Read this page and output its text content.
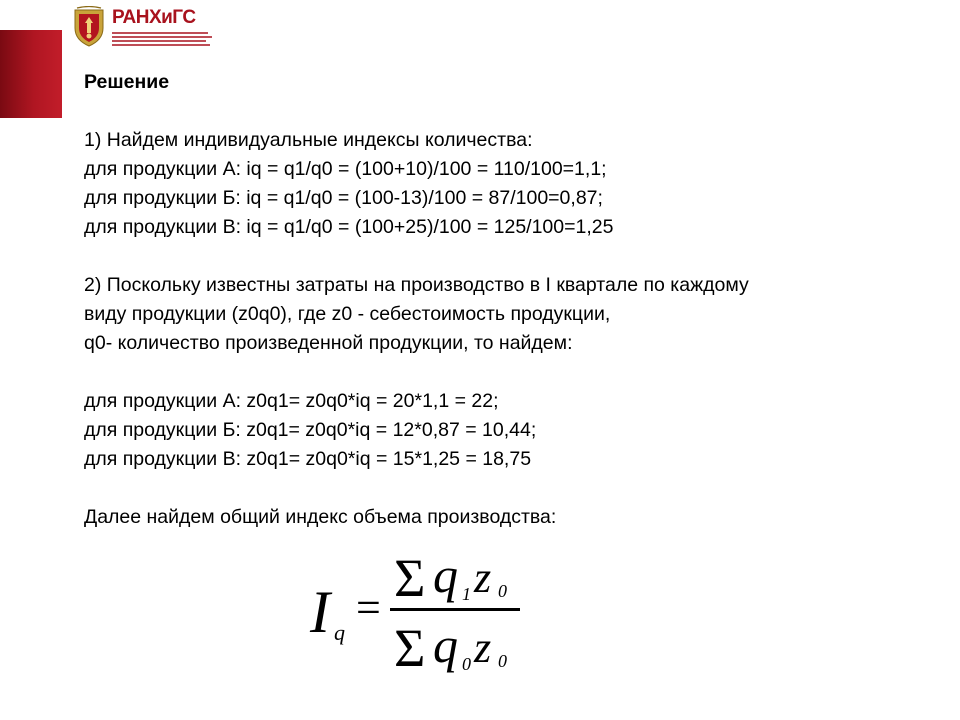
РАНХиГС

Решение

1) Найдем индивидуальные индексы количества:

для продукции А: iq = q1/q0 = (100+10)/100 = 110/100=1,1;

для продукции Б: iq = q1/q0 = (100-13)/100 = 87/100=0,87;

для продукции В: iq = q1/q0 = (100+25)/100 = 125/100=1,25

2) Поскольку известны затраты на производство в I квартале по каждому

виду продукции (z0q0), где z0 - себестоимость продукции,

q0- количество произведенной продукции, то найдем:

для продукции А: z0q1= z0q0*iq = 20*1,1 = 22;

для продукции Б: z0q1= z0q0*iq = 12*0,87 = 10,44;

для продукции В: z0q1= z0q0*iq = 15*1,25 = 18,75

Далее найдем общий индекс объема производства:

I q
= Σ q 1 z 0
Σ q 0 z 0
